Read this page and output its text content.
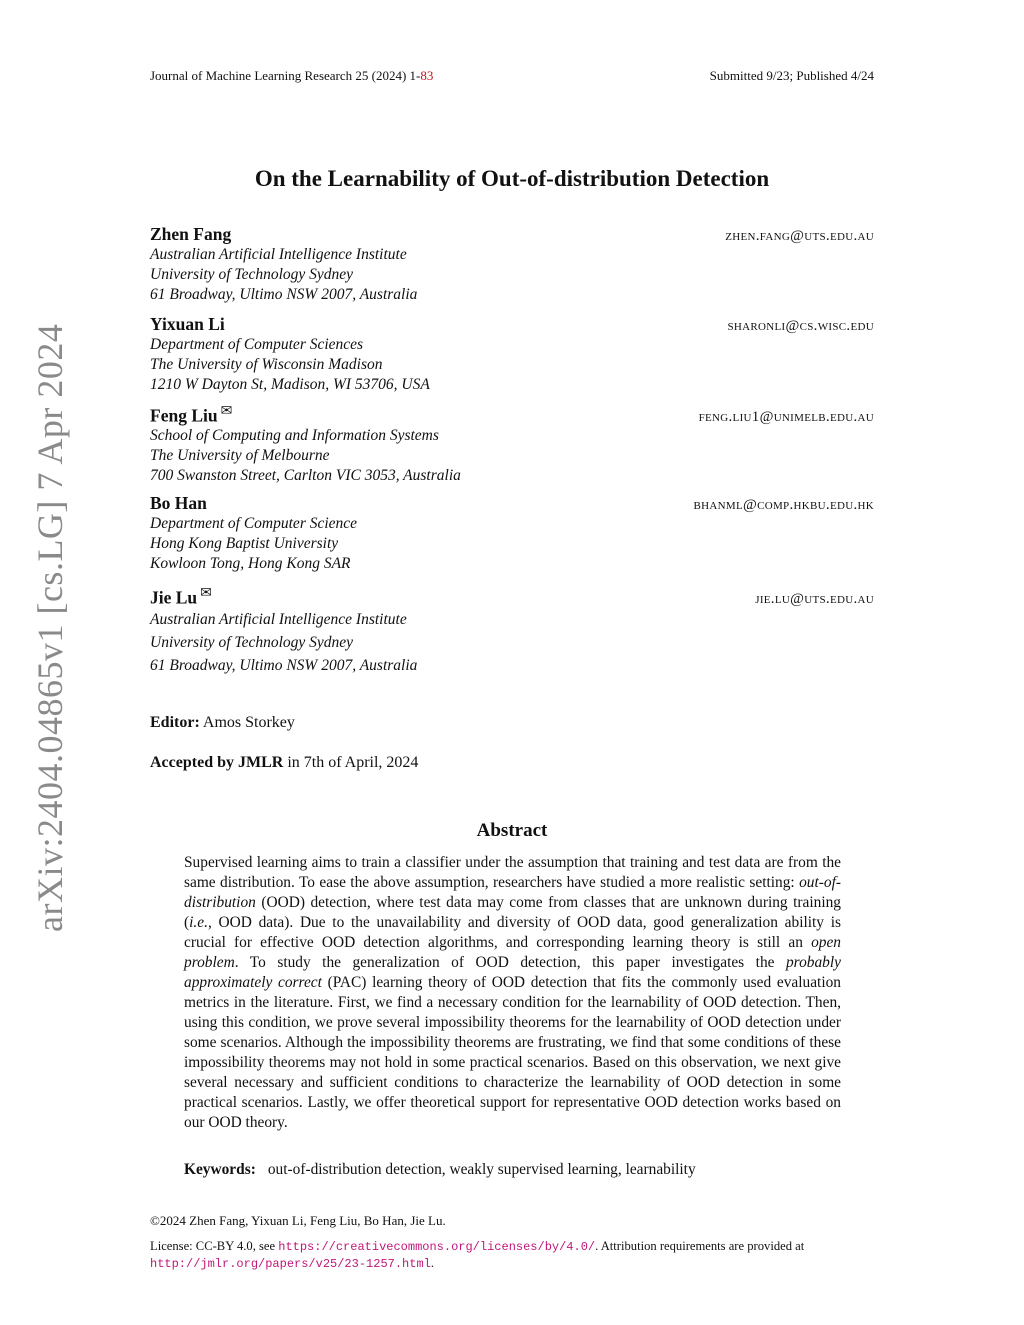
Journal of Machine Learning Research 25 (2024) 1-83	Submitted 9/23; Published 4/24
arXiv:2404.04865v1 [cs.LG] 7 Apr 2024
On the Learnability of Out-of-distribution Detection
Zhen Fang	zhen.fang@uts.edu.au
Australian Artificial Intelligence Institute
University of Technology Sydney
61 Broadway, Ultimo NSW 2007, Australia
Yixuan Li	sharonli@cs.wisc.edu
Department of Computer Sciences
The University of Wisconsin Madison
1210 W Dayton St, Madison, WI 53706, USA
Feng Liu ✉	feng.liu1@unimelb.edu.au
School of Computing and Information Systems
The University of Melbourne
700 Swanston Street, Carlton VIC 3053, Australia
Bo Han	bhanml@comp.hkbu.edu.hk
Department of Computer Science
Hong Kong Baptist University
Kowloon Tong, Hong Kong SAR
Jie Lu ✉	jie.lu@uts.edu.au
Australian Artificial Intelligence Institute
University of Technology Sydney
61 Broadway, Ultimo NSW 2007, Australia
Editor: Amos Storkey
Accepted by JMLR in 7th of April, 2024
Abstract
Supervised learning aims to train a classifier under the assumption that training and test data are from the same distribution. To ease the above assumption, researchers have studied a more realistic setting: out-of-distribution (OOD) detection, where test data may come from classes that are unknown during training (i.e., OOD data). Due to the unavailability and diversity of OOD data, good generalization ability is crucial for effective OOD detection algorithms, and corresponding learning theory is still an open problem. To study the generalization of OOD detection, this paper investigates the probably approximately correct (PAC) learning theory of OOD detection that fits the commonly used evaluation metrics in the literature. First, we find a necessary condition for the learnability of OOD detection. Then, using this condition, we prove several impossibility theorems for the learnability of OOD detection under some scenarios. Although the impossibility theorems are frustrating, we find that some conditions of these impossibility theorems may not hold in some practical scenarios. Based on this observation, we next give several necessary and sufficient conditions to characterize the learnability of OOD detection in some practical scenarios. Lastly, we offer theoretical support for representative OOD detection works based on our OOD theory.
Keywords: out-of-distribution detection, weakly supervised learning, learnability
©2024 Zhen Fang, Yixuan Li, Feng Liu, Bo Han, Jie Lu.
License: CC-BY 4.0, see https://creativecommons.org/licenses/by/4.0/. Attribution requirements are provided at http://jmlr.org/papers/v25/23-1257.html.
